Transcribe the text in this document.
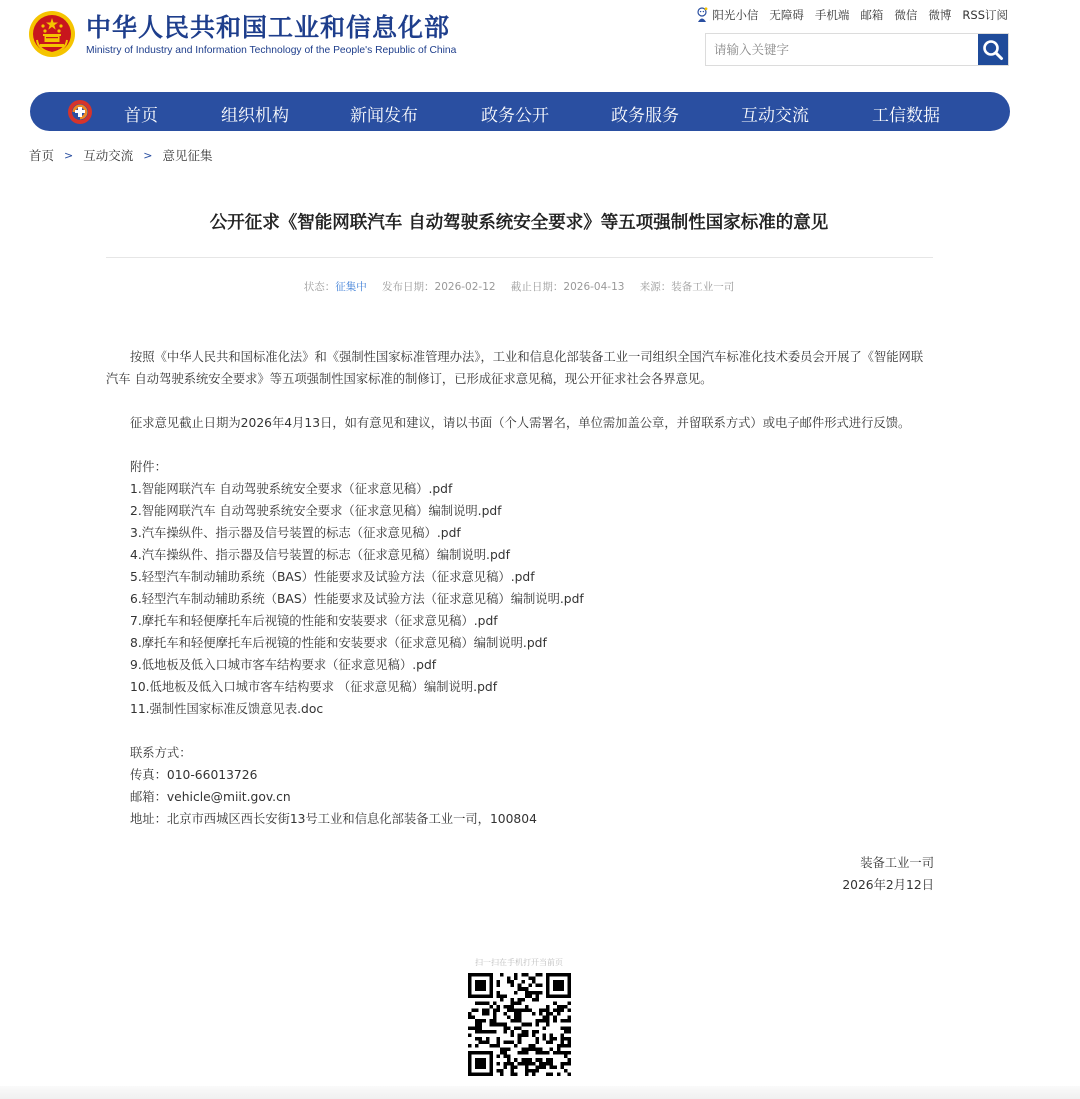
中华人民共和国工业和信息化部
Ministry of Industry and Information Technology of the People's Republic of China
阳光小信 无障碍 手机端 邮箱 微信 微博 RSS订阅
请输入关键字
首页	组织机构	新闻发布	政务公开	政务服务	互动交流	工信数据
首页 > 互动交流 > 意见征集
公开征求《智能网联汽车 自动驾驶系统安全要求》等五项强制性国家标准的意见
状态：征集中 发布日期：2026-02-12 截止日期：2026-04-13 来源：装备工业一司

按照《中华人民共和国标准化法》和《强制性国家标准管理办法》，工业和信息化部装备工业一司组织全国汽车标准化技术委员会开展了《智能网联汽车 自动驾驶系统安全要求》等五项强制性国家标准的制修订，已形成征求意见稿，现公开征求社会各界意见。

征求意见截止日期为2026年4月13日，如有意见和建议，请以书面（个人需署名，单位需加盖公章，并留联系方式）或电子邮件形式进行反馈。

附件：
1.智能网联汽车 自动驾驶系统安全要求（征求意见稿）.pdf
2.智能网联汽车 自动驾驶系统安全要求（征求意见稿）编制说明.pdf
3.汽车操纵件、指示器及信号装置的标志（征求意见稿）.pdf
4.汽车操纵件、指示器及信号装置的标志（征求意见稿）编制说明.pdf
5.轻型汽车制动辅助系统（BAS）性能要求及试验方法（征求意见稿）.pdf
6.轻型汽车制动辅助系统（BAS）性能要求及试验方法（征求意见稿）编制说明.pdf
7.摩托车和轻便摩托车后视镜的性能和安装要求（征求意见稿）.pdf
8.摩托车和轻便摩托车后视镜的性能和安装要求（征求意见稿）编制说明.pdf
9.低地板及低入口城市客车结构要求（征求意见稿）.pdf
10.低地板及低入口城市客车结构要求 （征求意见稿）编制说明.pdf
11.强制性国家标准反馈意见表.doc
联系方式：
传真：010-66013726
邮箱：vehicle@miit.gov.cn
地址：北京市西城区西长安街13号工业和信息化部装备工业一司，100804
装备工业一司
2026年2月12日
扫一扫在手机打开当前页
